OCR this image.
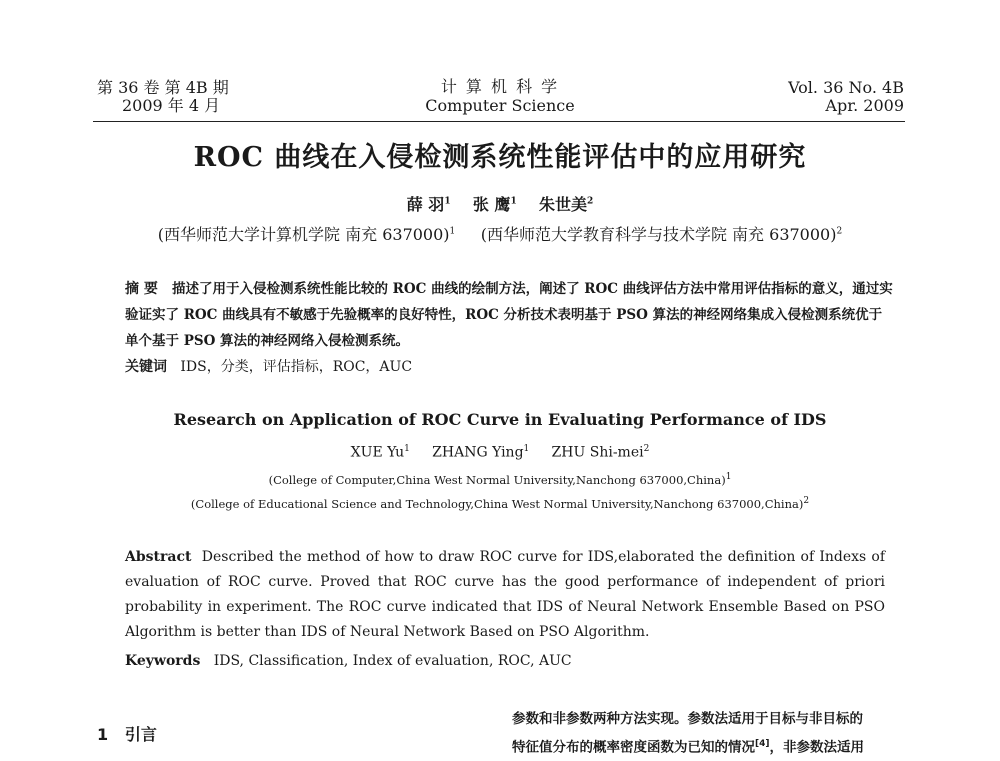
第 36 卷 第 4B 期
2009 年 4 月
计 算 机 科 学
Computer Science
Vol. 36 No. 4B
Apr. 2009
ROC 曲线在入侵检测系统性能评估中的应用研究
薛 羽$^1$ 张 鹰$^1$ 朱世美$^2$
(西华师范大学计算机学院 南充 637000)$^1$ (西华师范大学教育科学与技术学院 南充 637000)$^2$
摘 要 描述了用于入侵检测系统性能比较的 ROC 曲线的绘制方法，阐述了 ROC 曲线评估方法中常用评估指标的意义，通过实验证实了 ROC 曲线具有不敏感于先验概率的良好特性，ROC 分析技术表明基于 PSO 算法的神经网络集成入侵检测系统优于单个基于 PSO 算法的神经网络入侵检测系统。
关键词 IDS，分类，评估指标，ROC，AUC
Research on Application of ROC Curve in Evaluating Performance of IDS
XUE Yu$^1$ ZHANG Ying$^1$ ZHU Shi-mei$^2$
(College of Computer,China West Normal University,Nanchong 637000,China)$^1$
(College of Educational Science and Technology,China West Normal University,Nanchong 637000,China)$^2$
Abstract Described the method of how to draw ROC curve for IDS,elaborated the definition of Indexs of evaluation of ROC curve. Proved that ROC curve has the good performance of independent of priori probability in experiment. The ROC curve indicated that IDS of Neural Network Ensemble Based on PSO Algorithm is better than IDS of Neural Network Based on PSO Algorithm.
Keywords IDS, Classification, Index of evaluation, ROC, AUC
1 引言
参数和非参数两种方法实现。参数法适用于目标与非目标的
特征值分布的概率密度函数为已知的情况[4]，非参数法适用
